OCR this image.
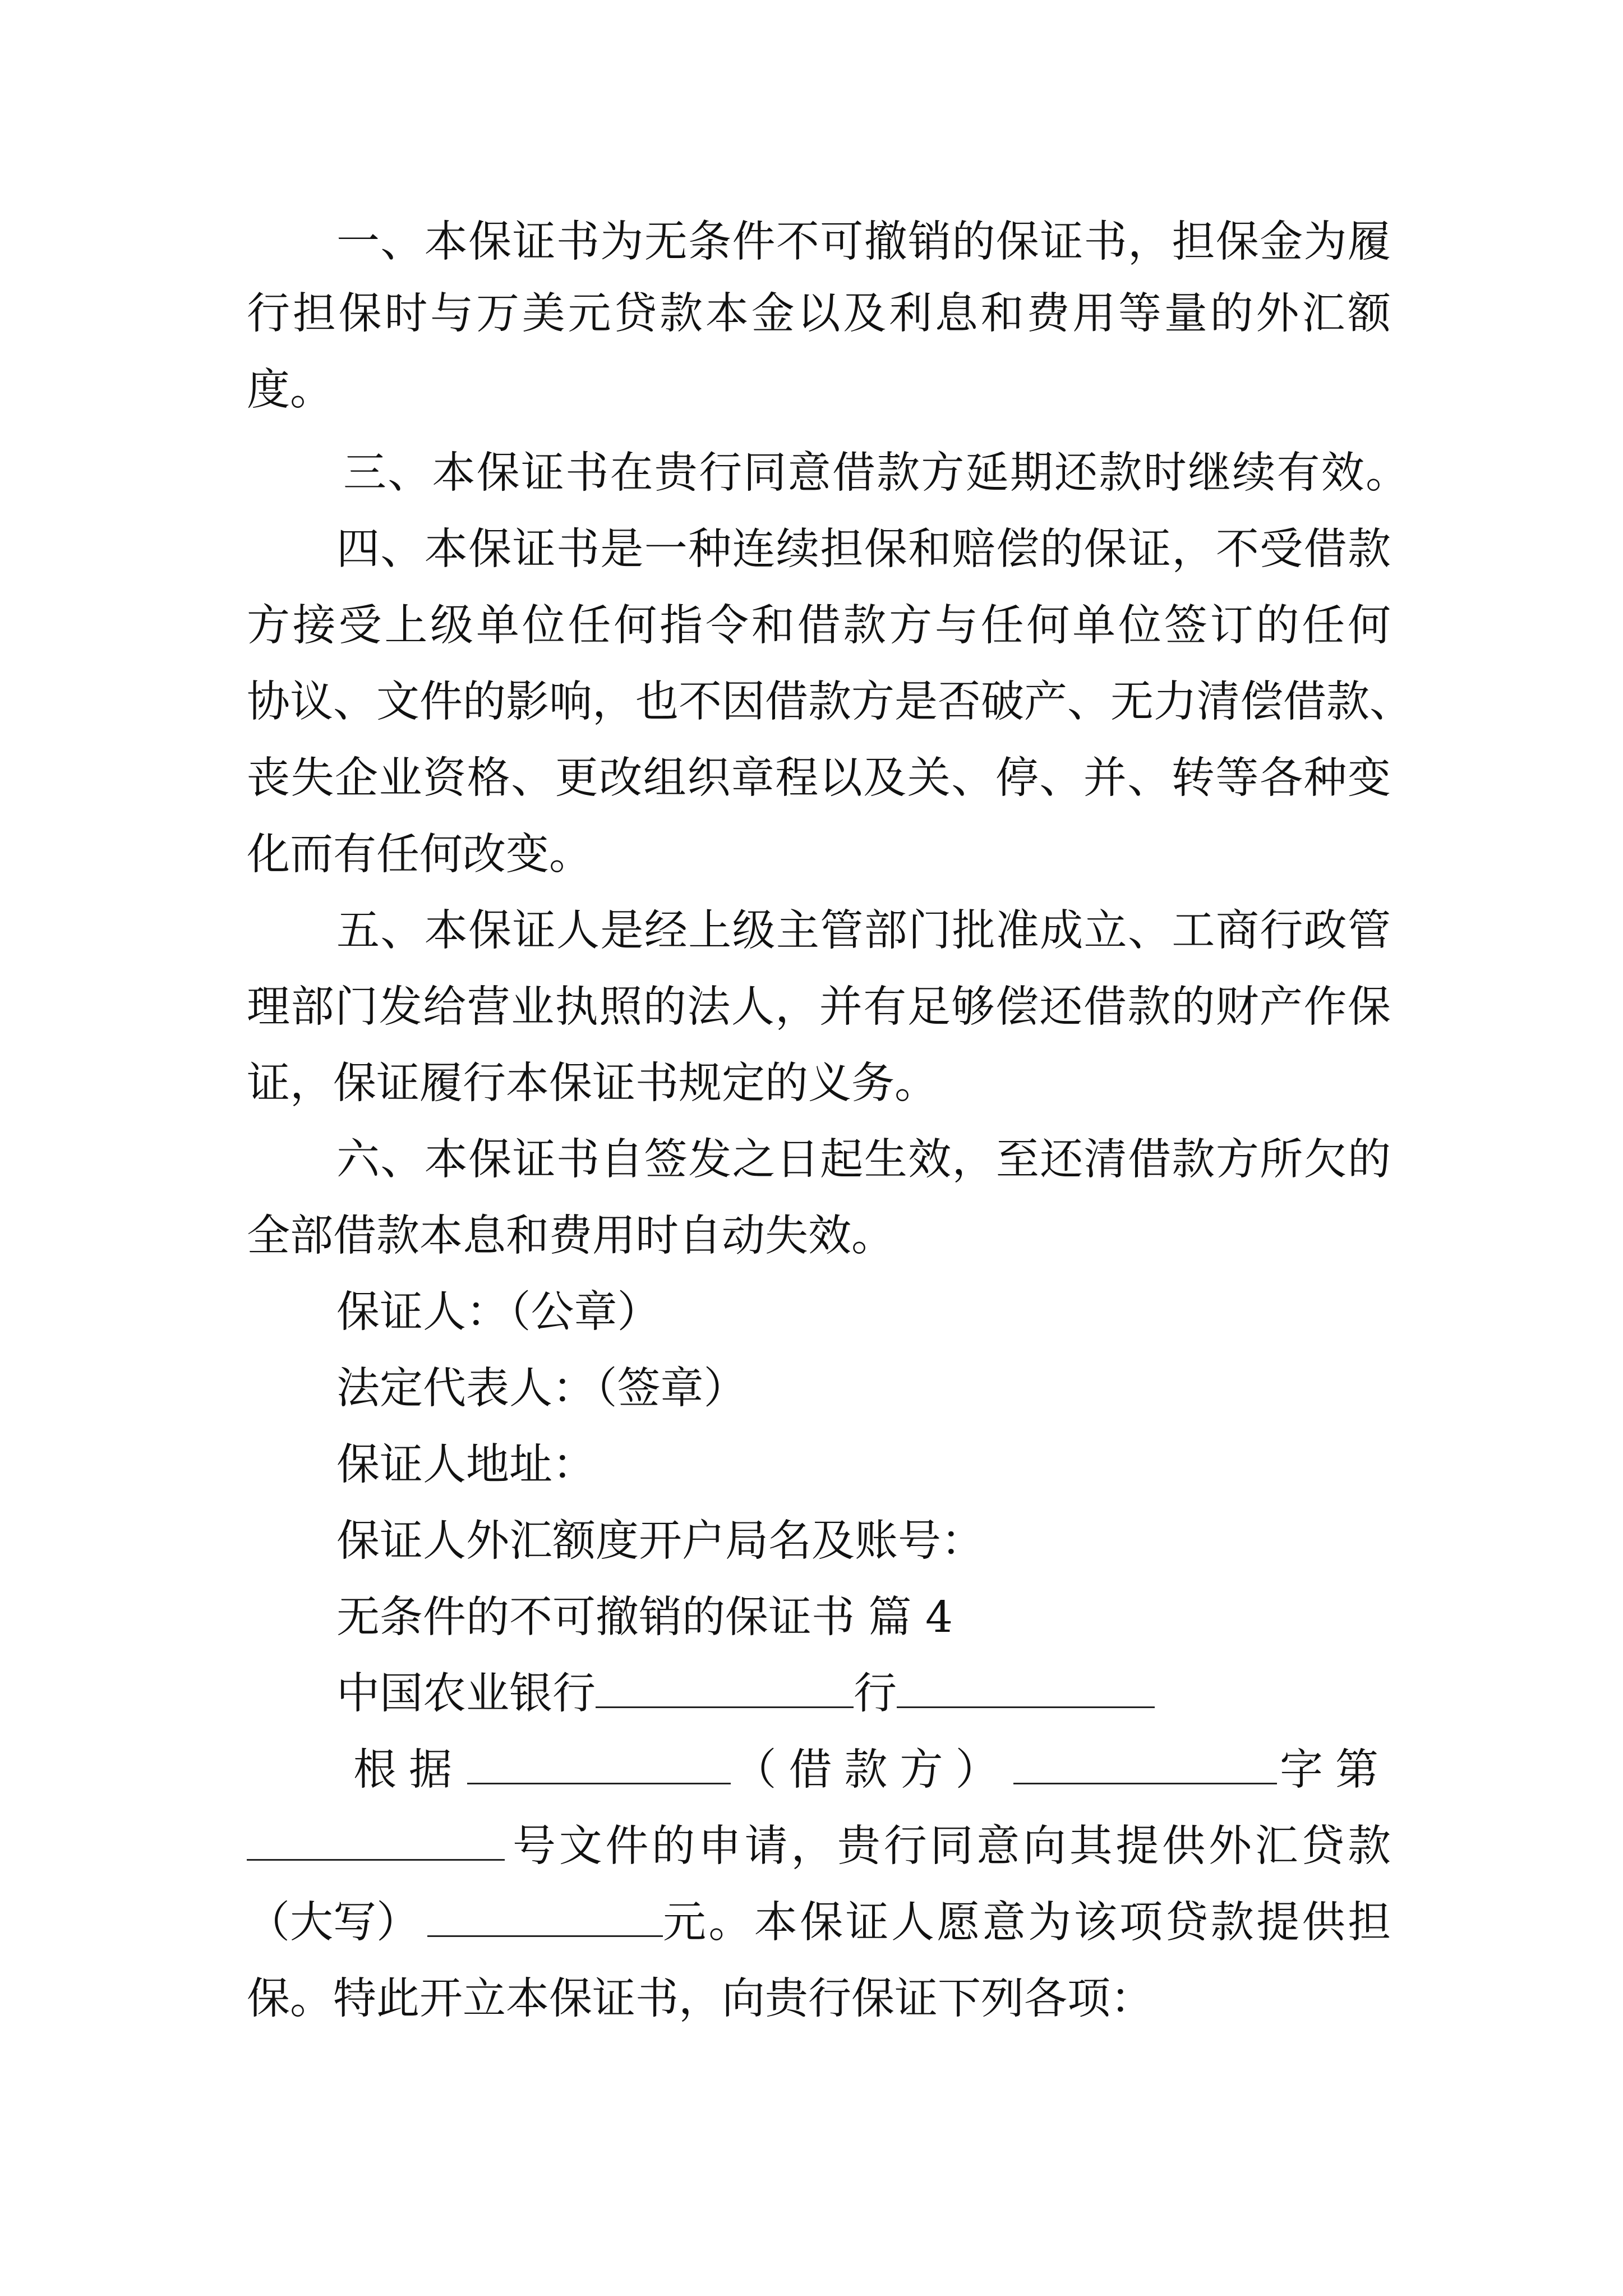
一、本保证书为无条件不可撤销的保证书，担保金为履
行担保时与万美元贷款本金以及利息和费用等量的外汇额
度。
三、本保证书在贵行同意借款方延期还款时继续有效。
四、本保证书是一种连续担保和赔偿的保证，不受借款
方接受上级单位任何指令和借款方与任何单位签订的任何
协议、文件的影响，也不因借款方是否破产、无力清偿借款、
丧失企业资格、更改组织章程以及关、停、并、转等各种变
化而有任何改变。
五、本保证人是经上级主管部门批准成立、工商行政管
理部门发给营业执照的法人，并有足够偿还借款的财产作保
证，保证履行本保证书规定的义务。
六、本保证书自签发之日起生效，至还清借款方所欠的
全部借款本息和费用时自动失效。
保证人：（公章）
法定代表人：（签章）
保证人地址：
保证人外汇额度开户局名及账号：
无条件的不可撤销的保证书 篇 4
中国农业银行	行
根据	（借款方）	字第
号文件的申请，贵行同意向其提供外汇贷款
（大写）	元。本保证人愿意为该项贷款提供担
保。特此开立本保证书，向贵行保证下列各项：
